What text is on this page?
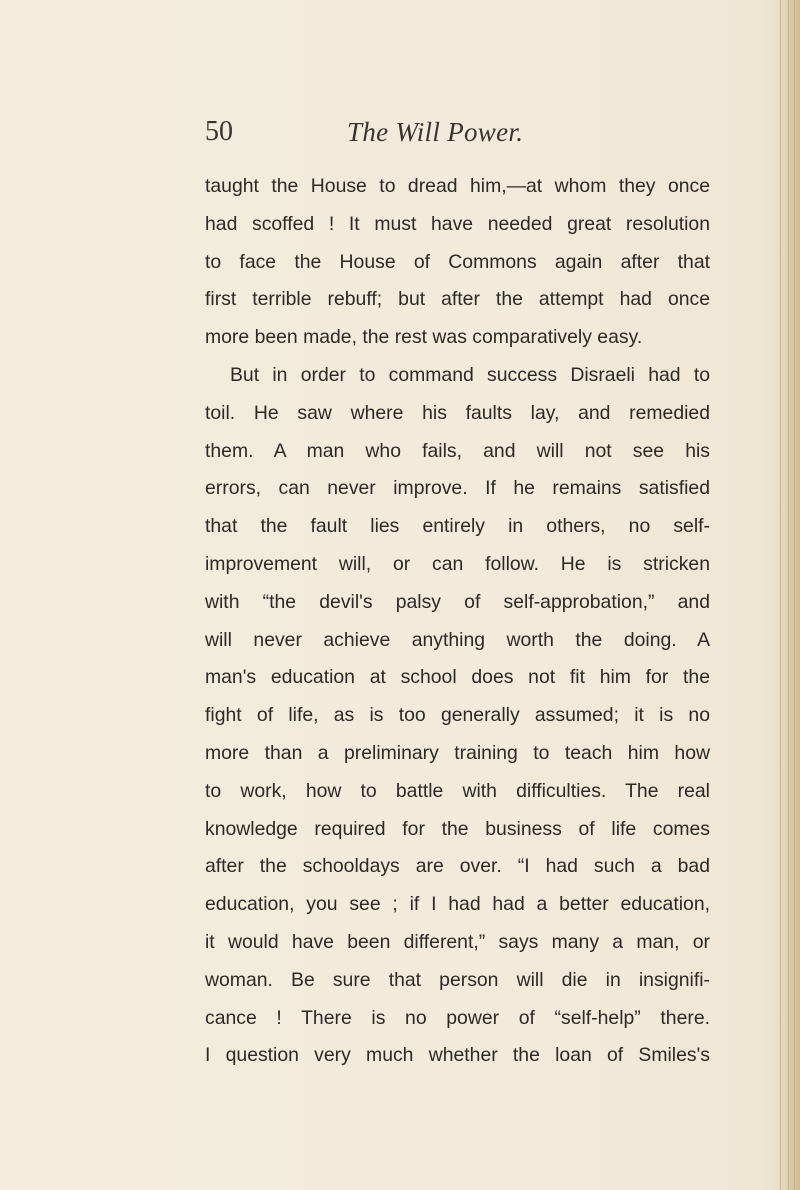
50	The Will Power.
taught the House to dread him,—at whom they once
had scoffed ! It must have needed great resolution
to face the House of Commons again after that
first terrible rebuff; but after the attempt had once
more been made, the rest was comparatively easy.
But in order to command success Disraeli had to
toil. He saw where his faults lay, and remedied
them. A man who fails, and will not see his
errors, can never improve. If he remains satisfied
that the fault lies entirely in others, no self-
improvement will, or can follow. He is stricken
with “the devil's palsy of self-approbation,” and
will never achieve anything worth the doing. A
man's education at school does not fit him for the
fight of life, as is too generally assumed; it is no
more than a preliminary training to teach him how
to work, how to battle with difficulties. The real
knowledge required for the business of life comes
after the schooldays are over. “I had such a bad
education, you see ; if I had had a better education,
it would have been different,” says many a man, or
woman. Be sure that person will die in insignifi-
cance ! There is no power of “self-help” there.
I question very much whether the loan of Smiles's
